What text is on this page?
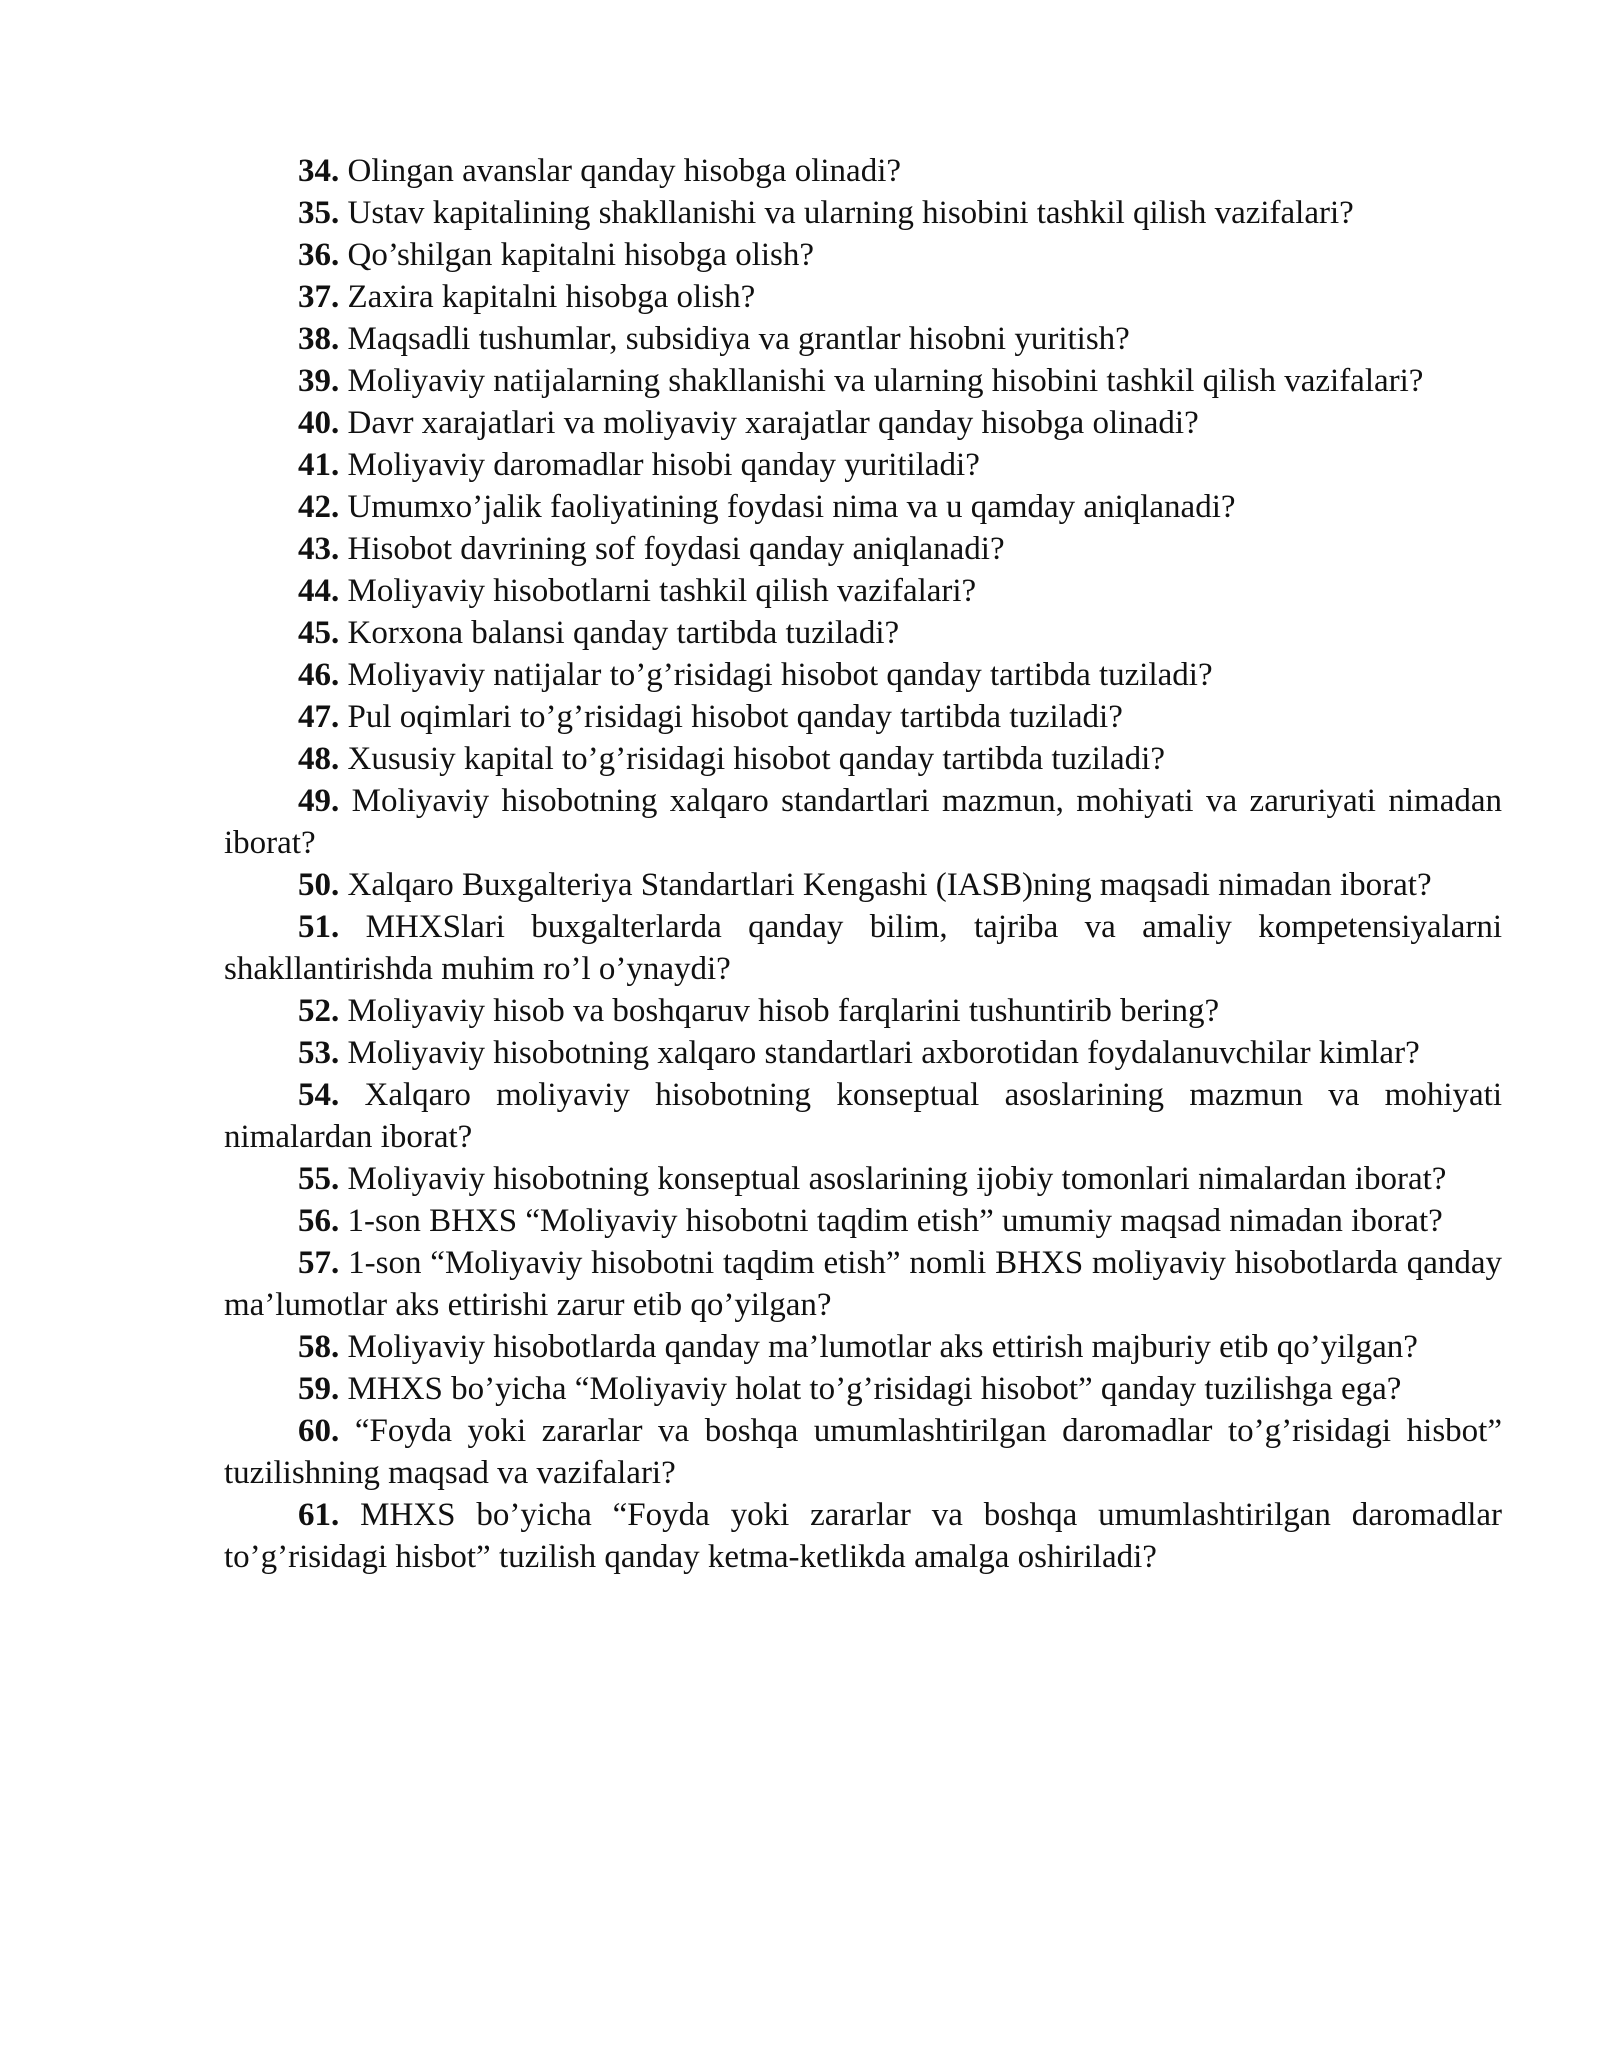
34. Olingan avanslar qanday hisobga olinadi?

35. Ustav kapitalining shakllanishi va ularning hisobini tashkil qilish vazifalari?

36. Qo’shilgan kapitalni hisobga olish?

37. Zaxira kapitalni hisobga olish?

38. Maqsadli tushumlar, subsidiya va grantlar hisobni yuritish?

39. Moliyaviy natijalarning shakllanishi va ularning hisobini tashkil qilish vazifalari?

40. Davr xarajatlari va moliyaviy xarajatlar qanday hisobga olinadi?

41. Moliyaviy daromadlar hisobi qanday yuritiladi?

42. Umumxo’jalik faoliyatining foydasi nima va u qamday aniqlanadi?

43. Hisobot davrining sof foydasi qanday aniqlanadi?

44. Moliyaviy hisobotlarni tashkil qilish vazifalari?

45. Korxona balansi qanday tartibda tuziladi?

46. Moliyaviy natijalar to’g’risidagi hisobot qanday tartibda tuziladi?

47. Pul oqimlari to’g’risidagi hisobot qanday tartibda tuziladi?

48. Xususiy kapital to’g’risidagi hisobot qanday tartibda tuziladi?

49. Moliyaviy hisobotning xalqaro standartlari mazmun, mohiyati va zaruriyati nimadan iborat?

50. Xalqaro Buxgalteriya Standartlari Kengashi (IASB)ning maqsadi nimadan iborat?

51. MHXSlari buxgalterlarda qanday bilim, tajriba va amaliy kompetensiyalarni shakllantirishda muhim ro’l o’ynaydi?

52. Moliyaviy hisob va boshqaruv hisob farqlarini tushuntirib bering?

53. Moliyaviy hisobotning xalqaro standartlari axborotidan foydalanuvchilar kimlar?

54. Xalqaro moliyaviy hisobotning konseptual asoslarining mazmun va mohiyati nimalardan iborat?

55. Moliyaviy hisobotning konseptual asoslarining ijobiy tomonlari nimalardan iborat?

56. 1-son BHXS “Moliyaviy hisobotni taqdim etish” umumiy maqsad nimadan iborat?

57. 1-son “Moliyaviy hisobotni taqdim etish” nomli BHXS moliyaviy hisobotlarda qanday ma’lumotlar aks ettirishi zarur etib qo’yilgan?

58. Moliyaviy hisobotlarda qanday ma’lumotlar aks ettirish majburiy etib qo’yilgan?

59. MHXS bo’yicha “Moliyaviy holat to’g’risidagi hisobot” qanday tuzilishga ega?

60. “Foyda yoki zararlar va boshqa umumlashtirilgan daromadlar to’g’risidagi hisbot” tuzilishning maqsad va vazifalari?

61. MHXS bo’yicha “Foyda yoki zararlar va boshqa umumlashtirilgan daromadlar to’g’risidagi hisbot” tuzilish qanday ketma-ketlikda amalga oshiriladi?
